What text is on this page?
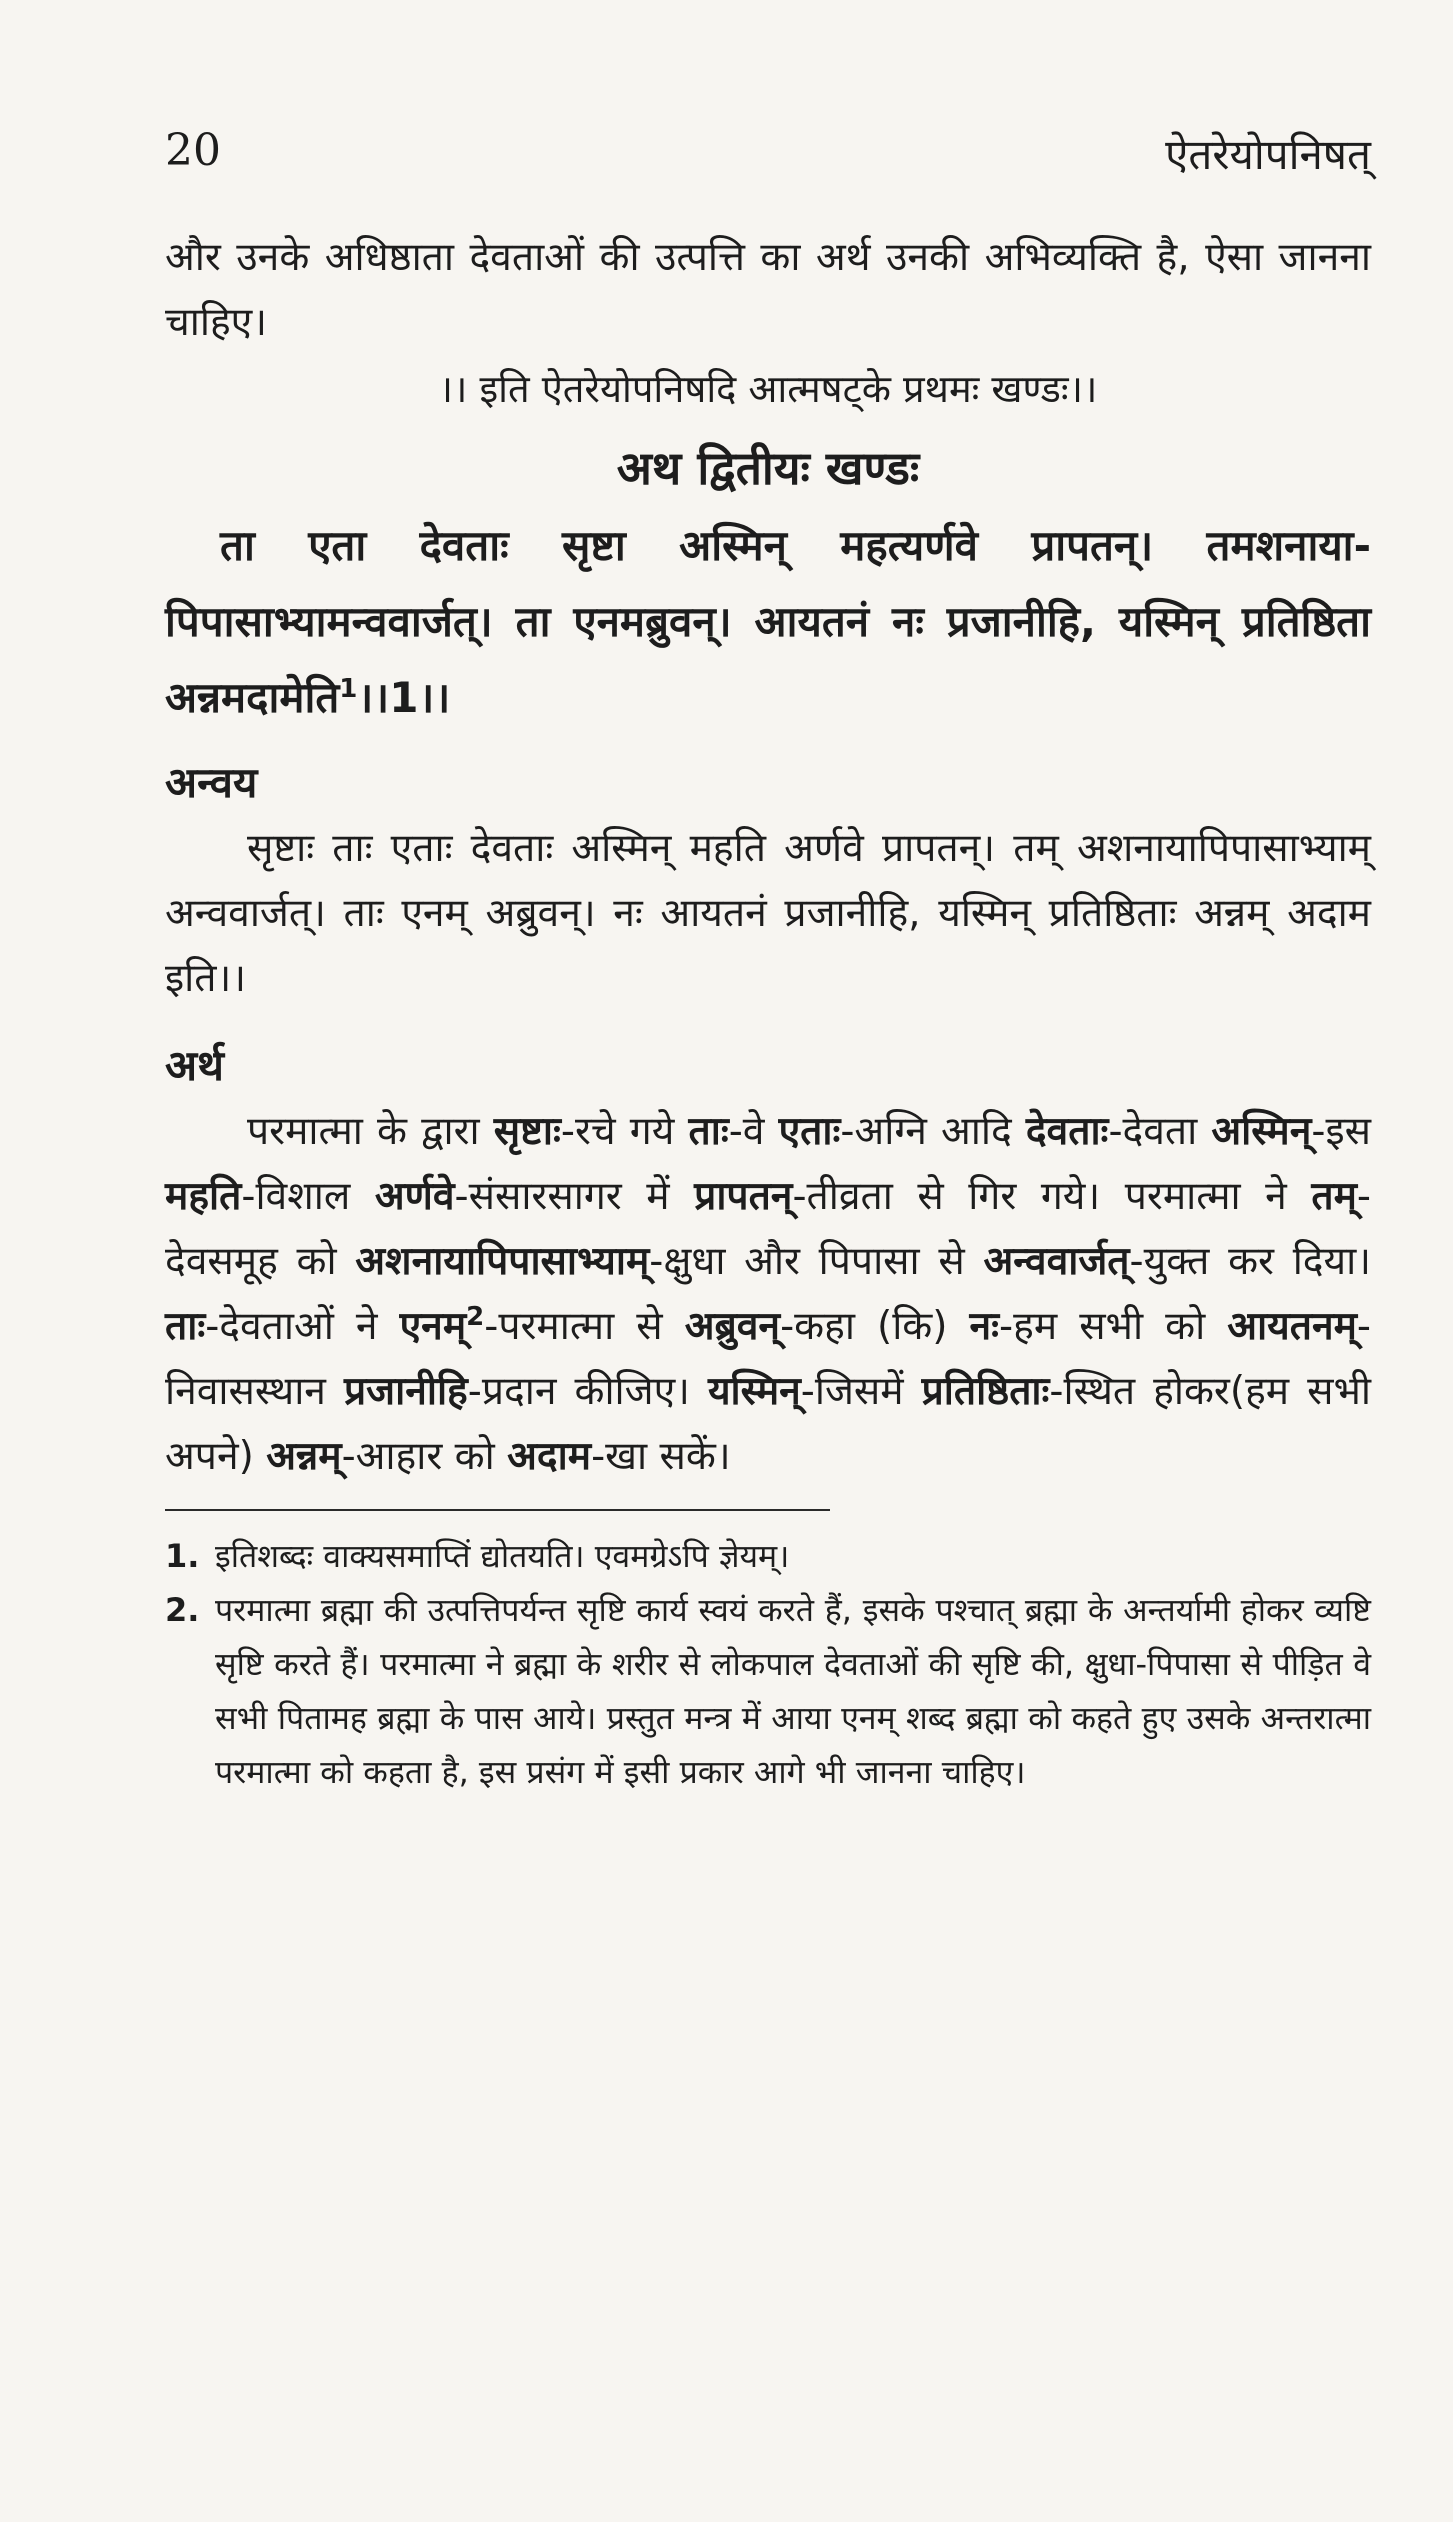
20	ऐतरेयोपनिषत्

और उनके अधिष्ठाता देवताओं की उत्पत्ति का अर्थ उनकी अभिव्यक्ति है, ऐसा जानना चाहिए।

।। इति ऐतरेयोपनिषदि आत्मषट्के प्रथमः खण्डः।।

अथ द्वितीयः खण्डः

ता एता देवताः सृष्टा अस्मिन् महत्यर्णवे प्रापतन्। तमशनाया-पिपासाभ्यामन्ववार्जत्। ता एनमब्रुवन्। आयतनं नः प्रजानीहि, यस्मिन् प्रतिष्ठिता अन्नमदामेति$^1$।।1।।

अन्वय

सृष्टाः ताः एताः देवताः अस्मिन् महति अर्णवे प्रापतन्। तम् अशनायापिपासाभ्याम् अन्ववार्जत्। ताः एनम् अब्रुवन्। नः आयतनं प्रजानीहि, यस्मिन् प्रतिष्ठिताः अन्नम् अदाम इति।।

अर्थ

परमात्मा के द्वारा सृष्टाः-रचे गये ताः-वे एताः-अग्नि आदि देवताः-देवता अस्मिन्-इस महति-विशाल अर्णवे-संसारसागर में प्रापतन्-तीव्रता से गिर गये। परमात्मा ने तम्-देवसमूह को अशनायापिपासाभ्याम्-क्षुधा और पिपासा से अन्ववार्जत्-युक्त कर दिया। ताः-देवताओं ने एनम्$^2$-परमात्मा से अब्रुवन्-कहा (कि) नः-हम सभी को आयतनम्-निवासस्थान प्रजानीहि-प्रदान कीजिए। यस्मिन्-जिसमें प्रतिष्ठिताः-स्थित होकर(हम सभी अपने) अन्नम्-आहार को अदाम-खा सकें।

1. इतिशब्दः वाक्यसमाप्तिं द्योतयति। एवमग्रेऽपि ज्ञेयम्।

2. परमात्मा ब्रह्मा की उत्पत्तिपर्यन्त सृष्टि कार्य स्वयं करते हैं, इसके पश्चात् ब्रह्मा के अन्तर्यामी होकर व्यष्टि सृष्टि करते हैं। परमात्मा ने ब्रह्मा के शरीर से लोकपाल देवताओं की सृष्टि की, क्षुधा-पिपासा से पीड़ित वे सभी पितामह ब्रह्मा के पास आये। प्रस्तुत मन्त्र में आया एनम् शब्द ब्रह्मा को कहते हुए उसके अन्तरात्मा परमात्मा को कहता है, इस प्रसंग में इसी प्रकार आगे भी जानना चाहिए।
